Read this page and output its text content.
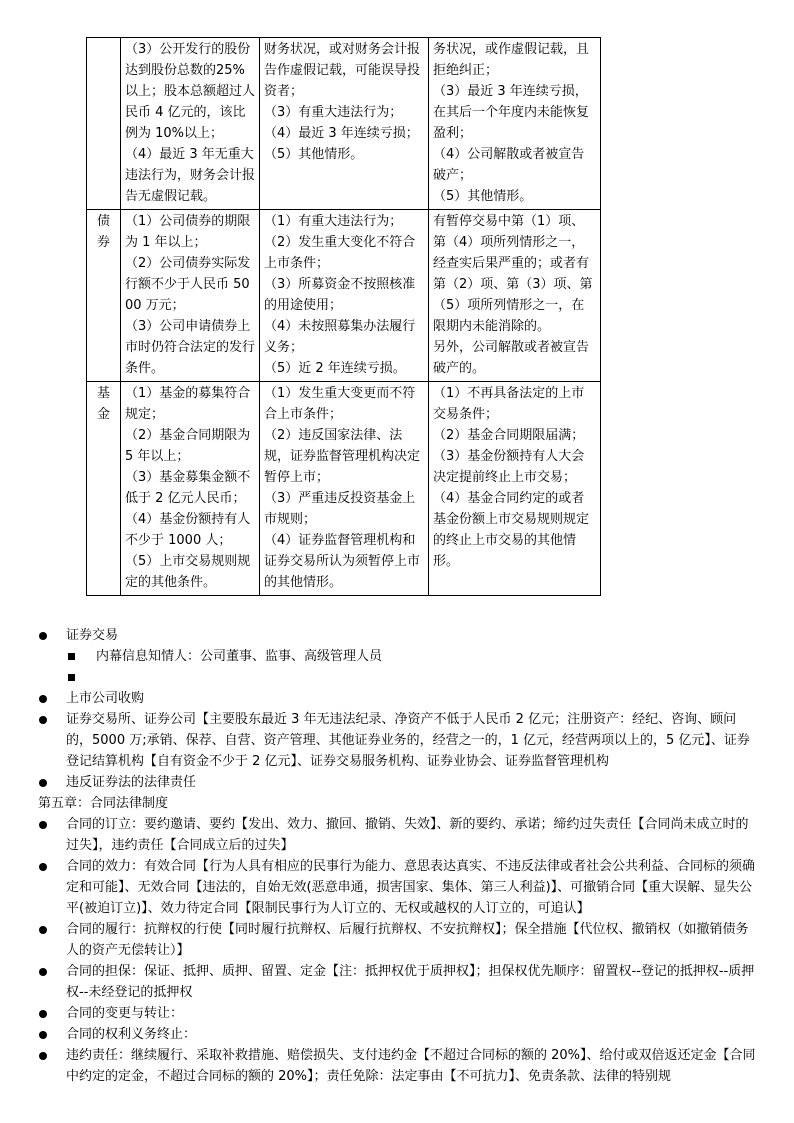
	（3）公开发行的股份达到股份总数的25%以上；股本总额超过人民币 4 亿元的，该比例为 10%以上；
（4）最近 3 年无重大违法行为，财务会计报告无虚假记载。	财务状况，或对财务会计报告作虚假记载，可能误导投资者；
（3）有重大违法行为；
（4）最近 3 年连续亏损；
（5）其他情形。	务状况，或作虚假记载，且拒绝纠正；
（3）最近 3 年连续亏损，在其后一个年度内未能恢复盈利；
（4）公司解散或者被宣告破产；
（5）其他情形。

债券	（1）公司债券的期限为 1 年以上；
（2）公司债券实际发行额不少于人民币 5000 万元；
（3）公司申请债券上市时仍符合法定的发行条件。	（1）有重大违法行为；
（2）发生重大变化不符合上市条件；
（3）所募资金不按照核准的用途使用；
（4）未按照募集办法履行义务；
（5）近 2 年连续亏损。	有暂停交易中第（1）项、第（4）项所列情形之一，经查实后果严重的；或者有第（2）项、第（3）项、第（5）项所列情形之一，在限期内未能消除的。
另外，公司解散或者被宣告破产的。

基金	（1）基金的募集符合规定；
（2）基金合同期限为 5 年以上；
（3）基金募集金额不低于 2 亿元人民币；
（4）基金份额持有人不少于 1000 人；
（5）上市交易规则规定的其他条件。	（1）发生重大变更而不符合上市条件；
（2）违反国家法律、法规，证券监督管理机构决定暂停上市；
（3）严重违反投资基金上市规则；
（4）证券监督管理机构和证券交易所认为须暂停上市的其他情形。	（1）不再具备法定的上市交易条件；
（2）基金合同期限届满；
（3）基金份额持有人大会决定提前终止上市交易；
（4）基金合同约定的或者基金份额上市交易规则规定的终止上市交易的其他情形。
证券交易
内幕信息知情人：公司董事、监事、高级管理人员

上市公司收购
证券交易所、证券公司【主要股东最近 3 年无违法纪录、净资产不低于人民币 2 亿元；注册资产：经纪、咨询、顾问的，5000 万;承销、保荐、自营、资产管理、其他证券业务的，经营之一的，1 亿元，经营两项以上的，5 亿元】、证券登记结算机构【自有资金不少于 2 亿元】、证券交易服务机构、证券业协会、证券监督管理机构
违反证券法的法律责任
第五章：合同法律制度
合同的订立：要约邀请、要约【发出、效力、撤回、撤销、失效】、新的要约、承诺；缔约过失责任【合同尚未成立时的过失】，违约责任【合同成立后的过失】
合同的效力：有效合同【行为人具有相应的民事行为能力、意思表达真实、不违反法律或者社会公共利益、合同标的须确定和可能】、无效合同【违法的，自始无效(恶意串通，损害国家、集体、第三人利益)】、可撤销合同【重大误解、显失公平(被迫订立)】、效力待定合同【限制民事行为人订立的、无权或越权的人订立的，可追认】
合同的履行：抗辩权的行使【同时履行抗辩权、后履行抗辩权、不安抗辩权】；保全措施【代位权、撤销权（如撤销债务人的资产无偿转让）】
合同的担保：保证、抵押、质押、留置、定金【注：抵押权优于质押权】；担保权优先顺序：留置权--登记的抵押权--质押权--未经登记的抵押权
合同的变更与转让：
合同的权利义务终止：
违约责任：继续履行、采取补救措施、赔偿损失、支付违约金【不超过合同标的额的 20%】、给付或双倍返还定金【合同中约定的定金，不超过合同标的额的 20%】；责任免除：法定事由【不可抗力】、免责条款、法律的特别规
